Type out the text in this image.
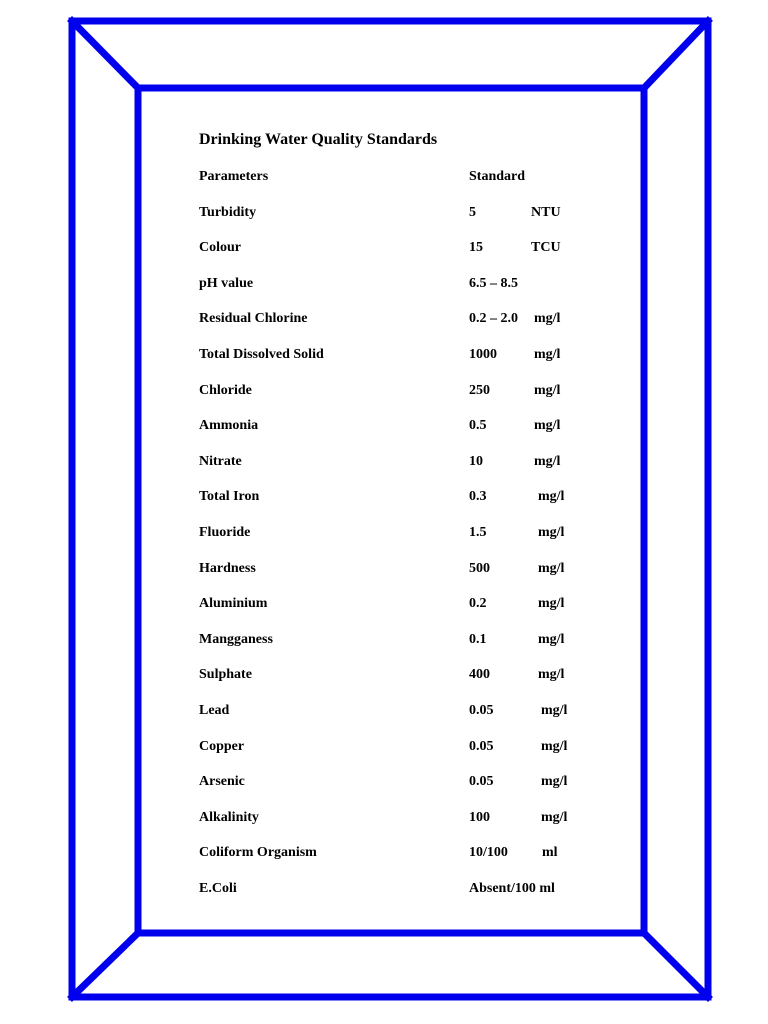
Drinking Water Quality Standards
Parameters	Standard
Turbidity	5	NTU
Colour	15	TCU
pH value	6.5 – 8.5
Residual Chlorine	0.2 – 2.0 mg/l
Total Dissolved Solid	1000	mg/l
Chloride	250	mg/l
Ammonia	0.5	mg/l
Nitrate	10	mg/l
Total Iron	0.3	mg/l
Fluoride	1.5	mg/l
Hardness	500	mg/l
Aluminium	0.2	mg/l
Mangganess	0.1	mg/l
Sulphate	400	mg/l
Lead	0.05	mg/l
Copper	0.05	mg/l
Arsenic	0.05	mg/l
Alkalinity	100	mg/l
Coliform Organism	10/100 ml
E.Coli	Absent/100 ml
